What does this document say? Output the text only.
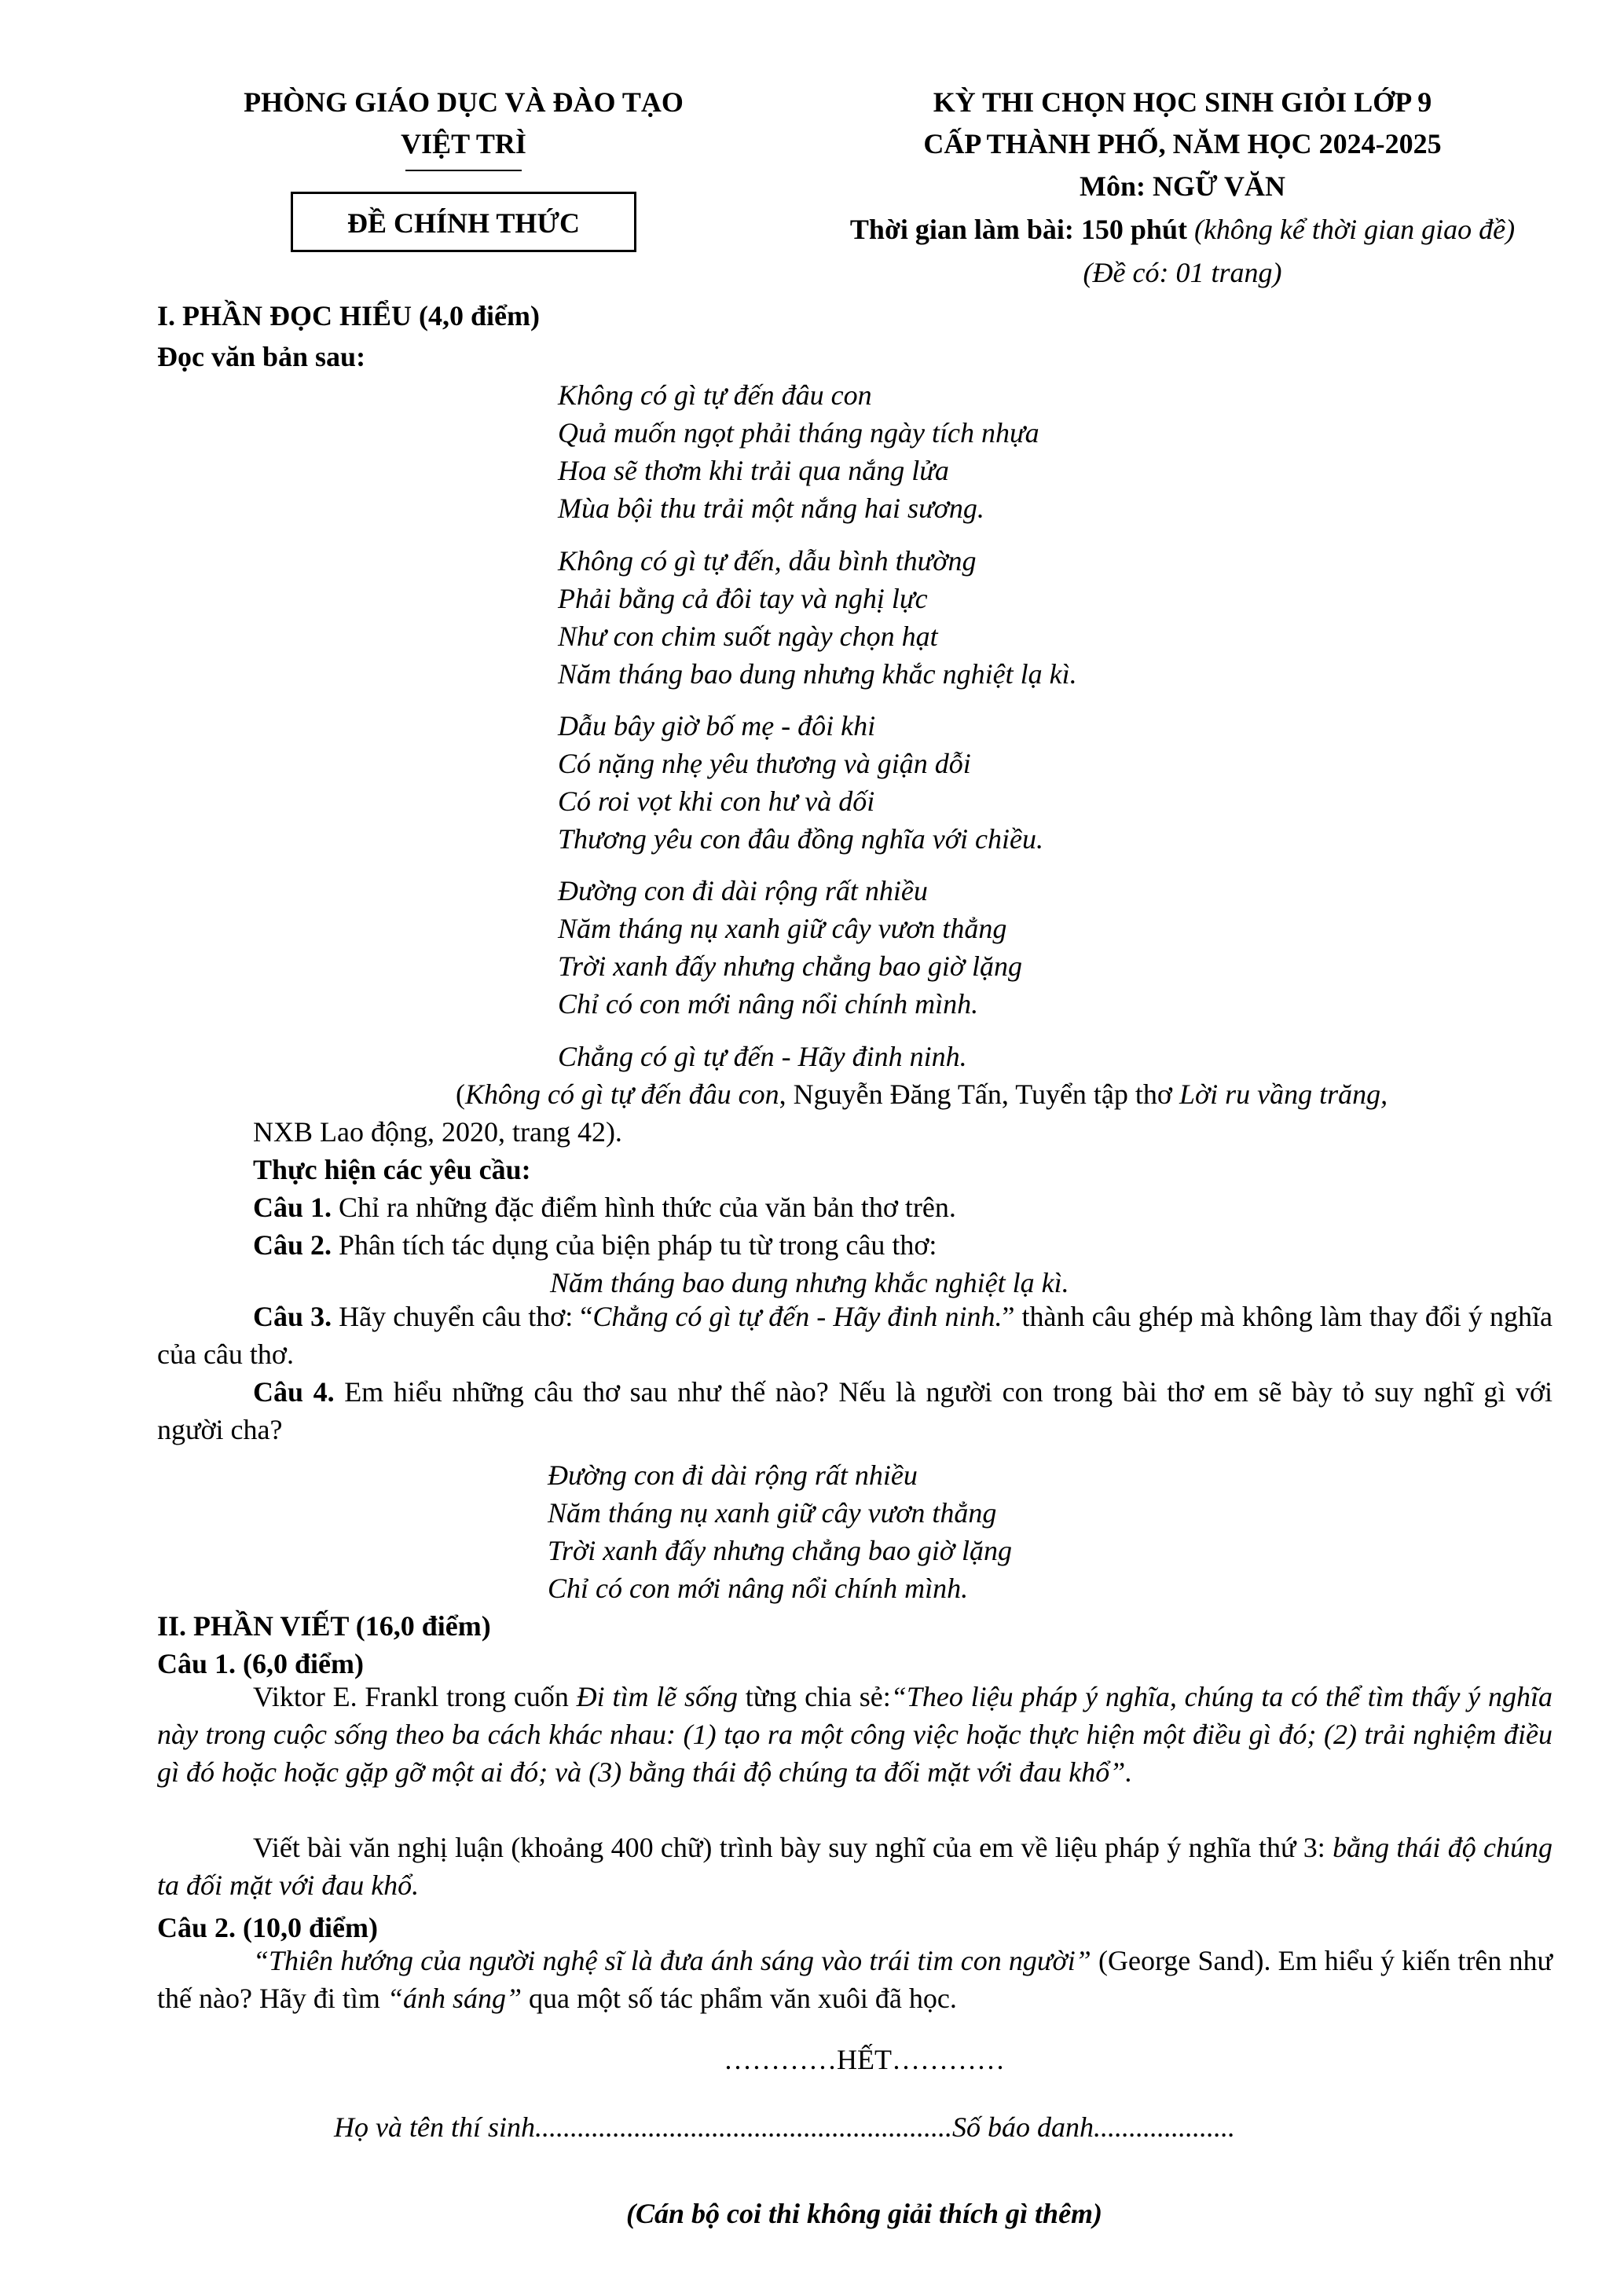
PHÒNG GIÁO DỤC VÀ ĐÀO TẠO
VIỆT TRÌ
ĐỀ CHÍNH THỨC
KỲ THI CHỌN HỌC SINH GIỎI LỚP 9
CẤP THÀNH PHỐ, NĂM HỌC 2024-2025
Môn: NGỮ VĂN
Thời gian làm bài: 150 phút (không kể thời gian giao đề)
(Đề có: 01 trang)
I. PHẦN ĐỌC HIỂU (4,0 điểm)
Đọc văn bản sau:
Không có gì tự đến đâu con
Quả muốn ngọt phải tháng ngày tích nhựa
Hoa sẽ thơm khi trải qua nắng lửa
Mùa bội thu trải một nắng hai sương.
Không có gì tự đến, dẫu bình thường
Phải bằng cả đôi tay và nghị lực
Như con chim suốt ngày chọn hạt
Năm tháng bao dung nhưng khắc nghiệt lạ kì.
Dẫu bây giờ bố mẹ - đôi khi
Có nặng nhẹ yêu thương và giận dỗi
Có roi vọt khi con hư và dối
Thương yêu con đâu đồng nghĩa với chiều.
Đường con đi dài rộng rất nhiều
Năm tháng nụ xanh giữ cây vươn thẳng
Trời xanh đấy nhưng chẳng bao giờ lặng
Chỉ có con mới nâng nổi chính mình.
Chẳng có gì tự đến - Hãy đinh ninh.
(Không có gì tự đến đâu con, Nguyễn Đăng Tấn, Tuyển tập thơ Lời ru vầng trăng,
NXB Lao động, 2020, trang 42).
Thực hiện các yêu cầu:
Câu 1. Chỉ ra những đặc điểm hình thức của văn bản thơ trên.
Câu 2. Phân tích tác dụng của biện pháp tu từ trong câu thơ:
Năm tháng bao dung nhưng khắc nghiệt lạ kì.
Câu 3. Hãy chuyển câu thơ: “Chẳng có gì tự đến - Hãy đinh ninh.” thành câu ghép mà không làm thay đổi ý nghĩa của câu thơ.
Câu 4. Em hiểu những câu thơ sau như thế nào? Nếu là người con trong bài thơ em sẽ bày tỏ suy nghĩ gì với người cha?
Đường con đi dài rộng rất nhiều
Năm tháng nụ xanh giữ cây vươn thẳng
Trời xanh đấy nhưng chẳng bao giờ lặng
Chỉ có con mới nâng nổi chính mình.
II. PHẦN VIẾT (16,0 điểm)
Câu 1. (6,0 điểm)
Viktor E. Frankl trong cuốn Đi tìm lẽ sống từng chia sẻ:“Theo liệu pháp ý nghĩa, chúng ta có thể tìm thấy ý nghĩa này trong cuộc sống theo ba cách khác nhau: (1) tạo ra một công việc hoặc thực hiện một điều gì đó; (2) trải nghiệm điều gì đó hoặc hoặc gặp gỡ một ai đó; và (3) bằng thái độ chúng ta đối mặt với đau khổ”.
Viết bài văn nghị luận (khoảng 400 chữ) trình bày suy nghĩ của em về liệu pháp ý nghĩa thứ 3: bằng thái độ chúng ta đối mặt với đau khổ.
Câu 2. (10,0 điểm)
“Thiên hướng của người nghệ sĩ là đưa ánh sáng vào trái tim con người” (George Sand). Em hiểu ý kiến trên như thế nào? Hãy đi tìm “ánh sáng” qua một số tác phẩm văn xuôi đã học.
…………HẾT…………
Họ và tên thí sinh...........................................................Số báo danh....................
(Cán bộ coi thi không giải thích gì thêm)
